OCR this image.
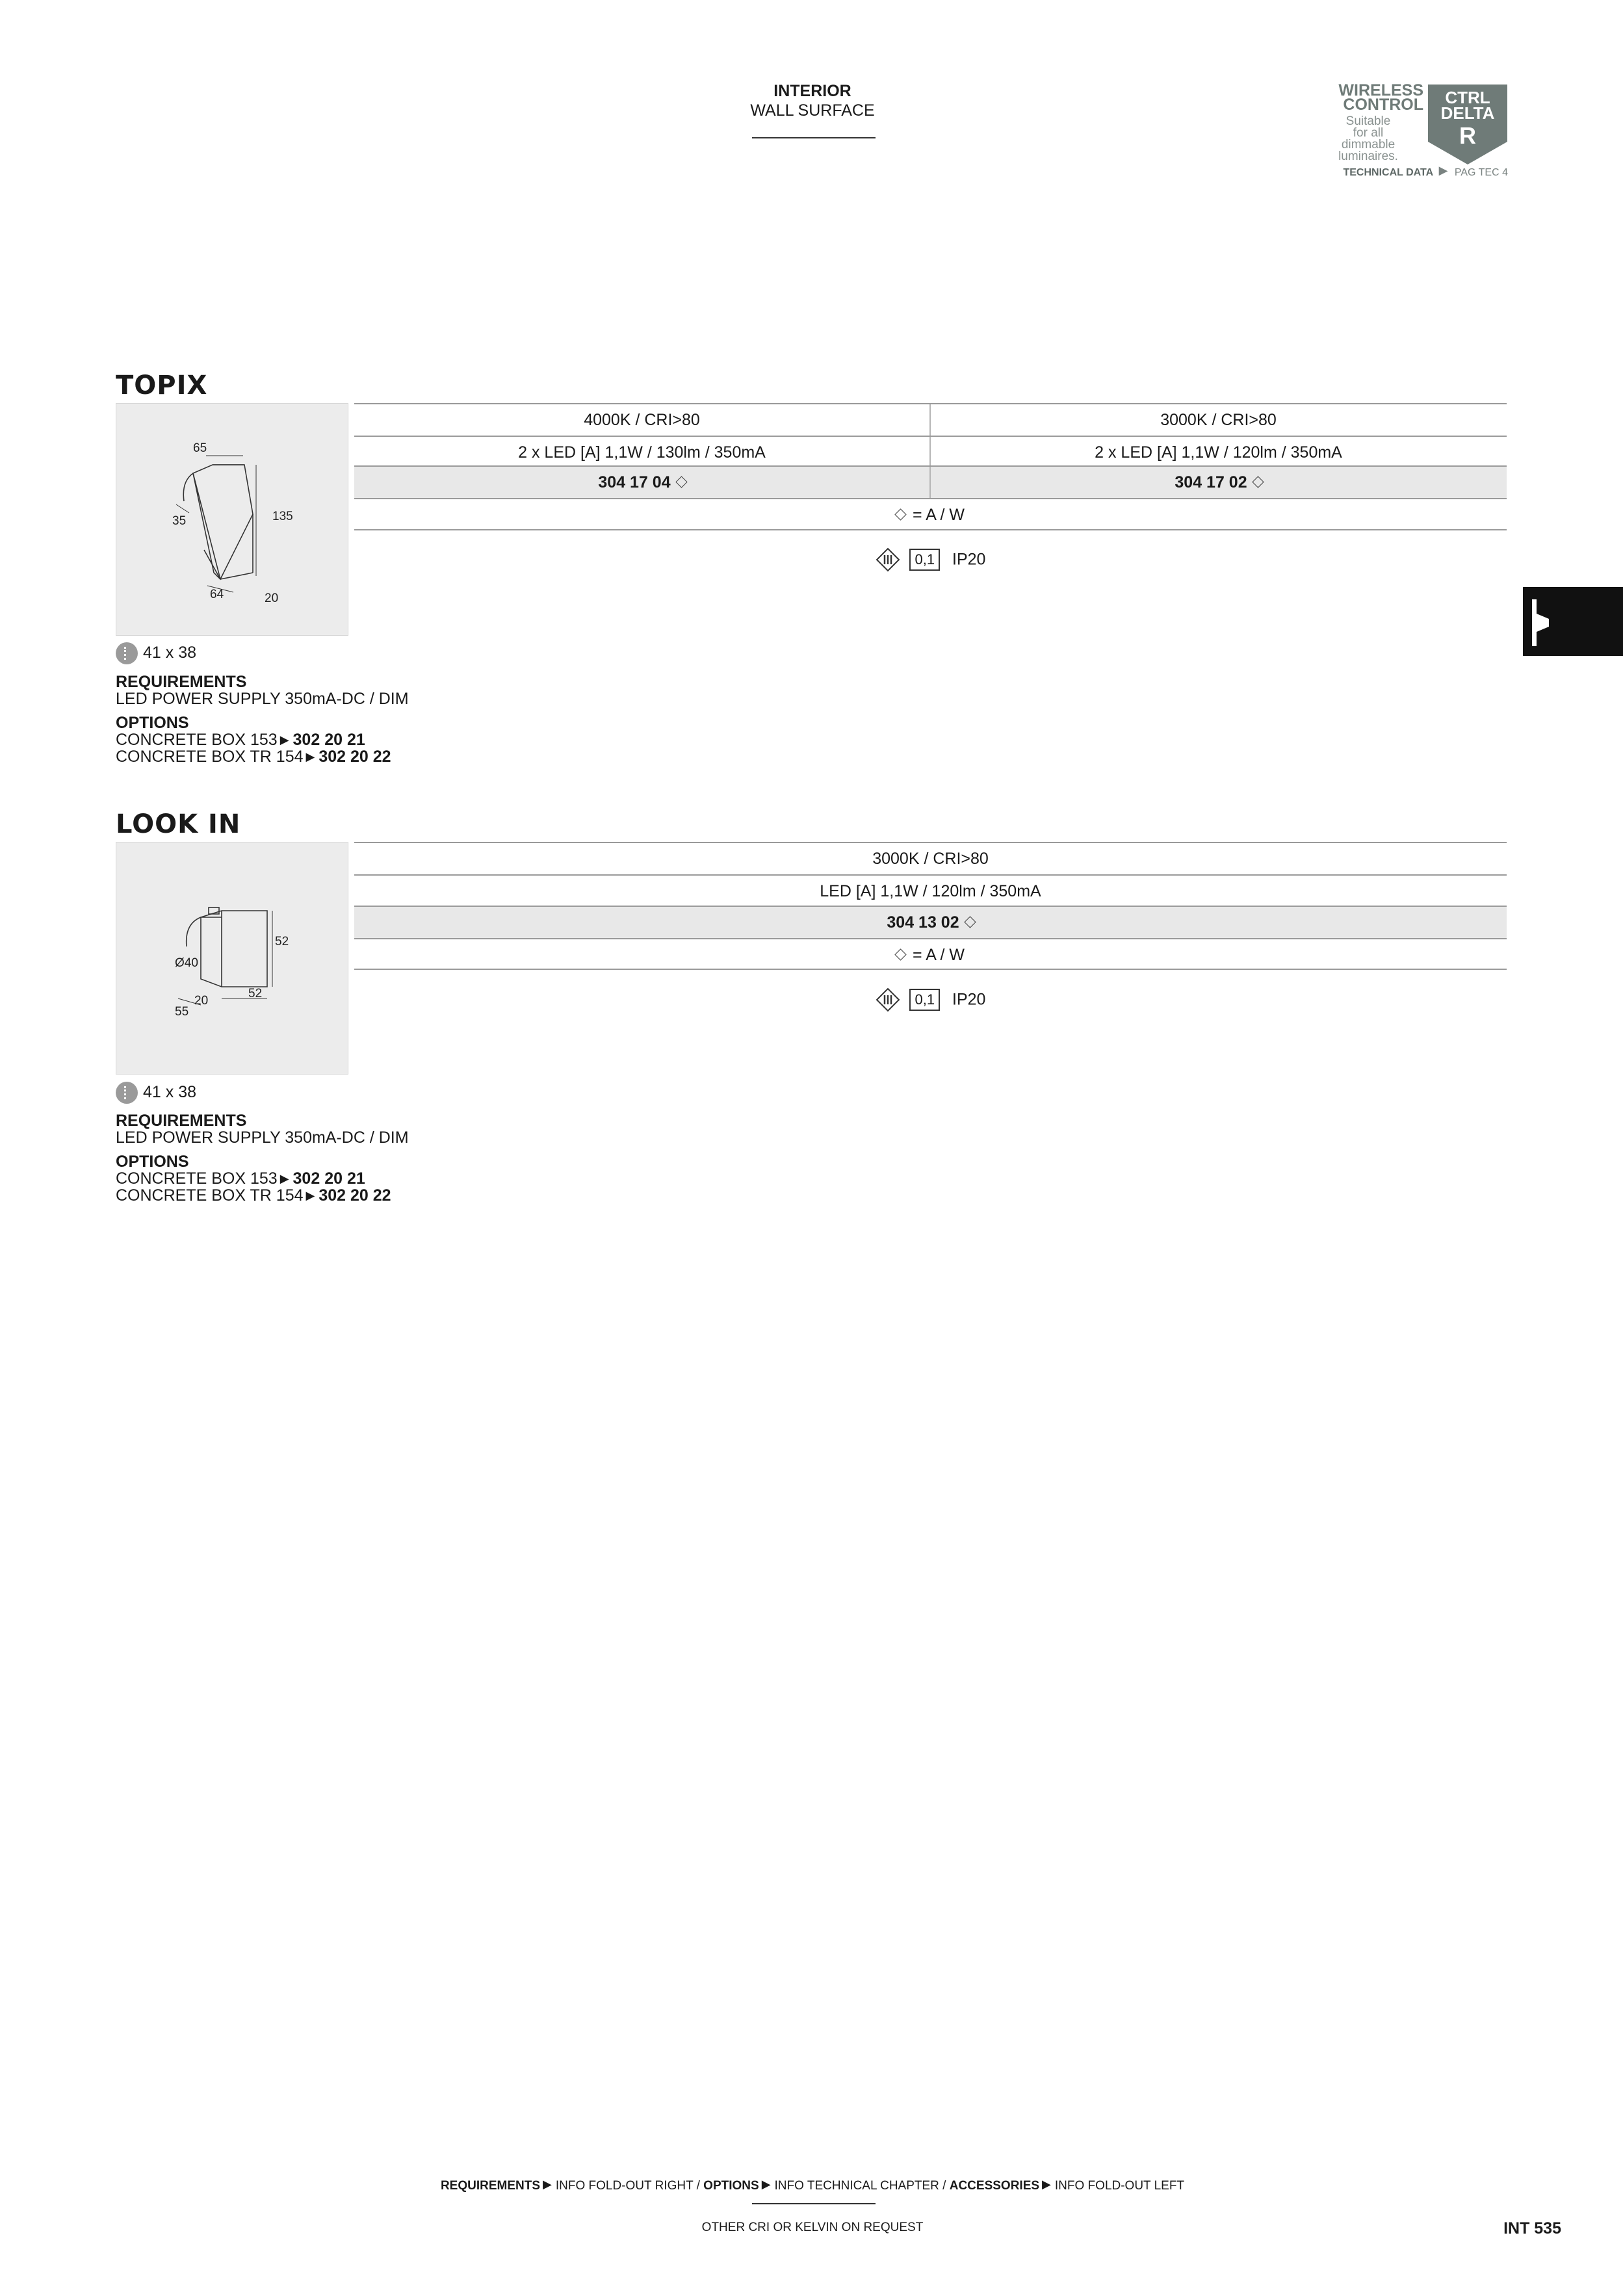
INTERIOR
WALL SURFACE
WIRELESS
CONTROL
Suitable
for all
dimmable
luminaires.
CTRL
DELTA
R
TECHNICAL DATA ▶ PAG TEC 4
TOPIX
65
35	135
64	20
4000K / CRI>80	3000K / CRI>80
2 x LED [A] 1,1W / 130lm / 350mA	2 x LED [A] 1,1W / 120lm / 350mA
304 17 04	304 17 02
= A / W
0,1 IP20
41 x 38
REQUIREMENTS
LED POWER SUPPLY 350mA-DC / DIM
OPTIONS
CONCRETE BOX 153 ▶ 302 20 21
CONCRETE BOX TR 154 ▶ 302 20 22
LOOK IN
52
Ø40
20
52
55
3000K / CRI>80
LED [A] 1,1W / 120lm / 350mA
304 13 02
= A / W
0,1 IP20
41 x 38
REQUIREMENTS
LED POWER SUPPLY 350mA-DC / DIM
OPTIONS
CONCRETE BOX 153 ▶ 302 20 21
CONCRETE BOX TR 154 ▶ 302 20 22
REQUIREMENTS ▶ INFO FOLD-OUT RIGHT / OPTIONS ▶ INFO TECHNICAL CHAPTER / ACCESSORIES ▶ INFO FOLD-OUT LEFT
OTHER CRI OR KELVIN ON REQUEST	INT 535
